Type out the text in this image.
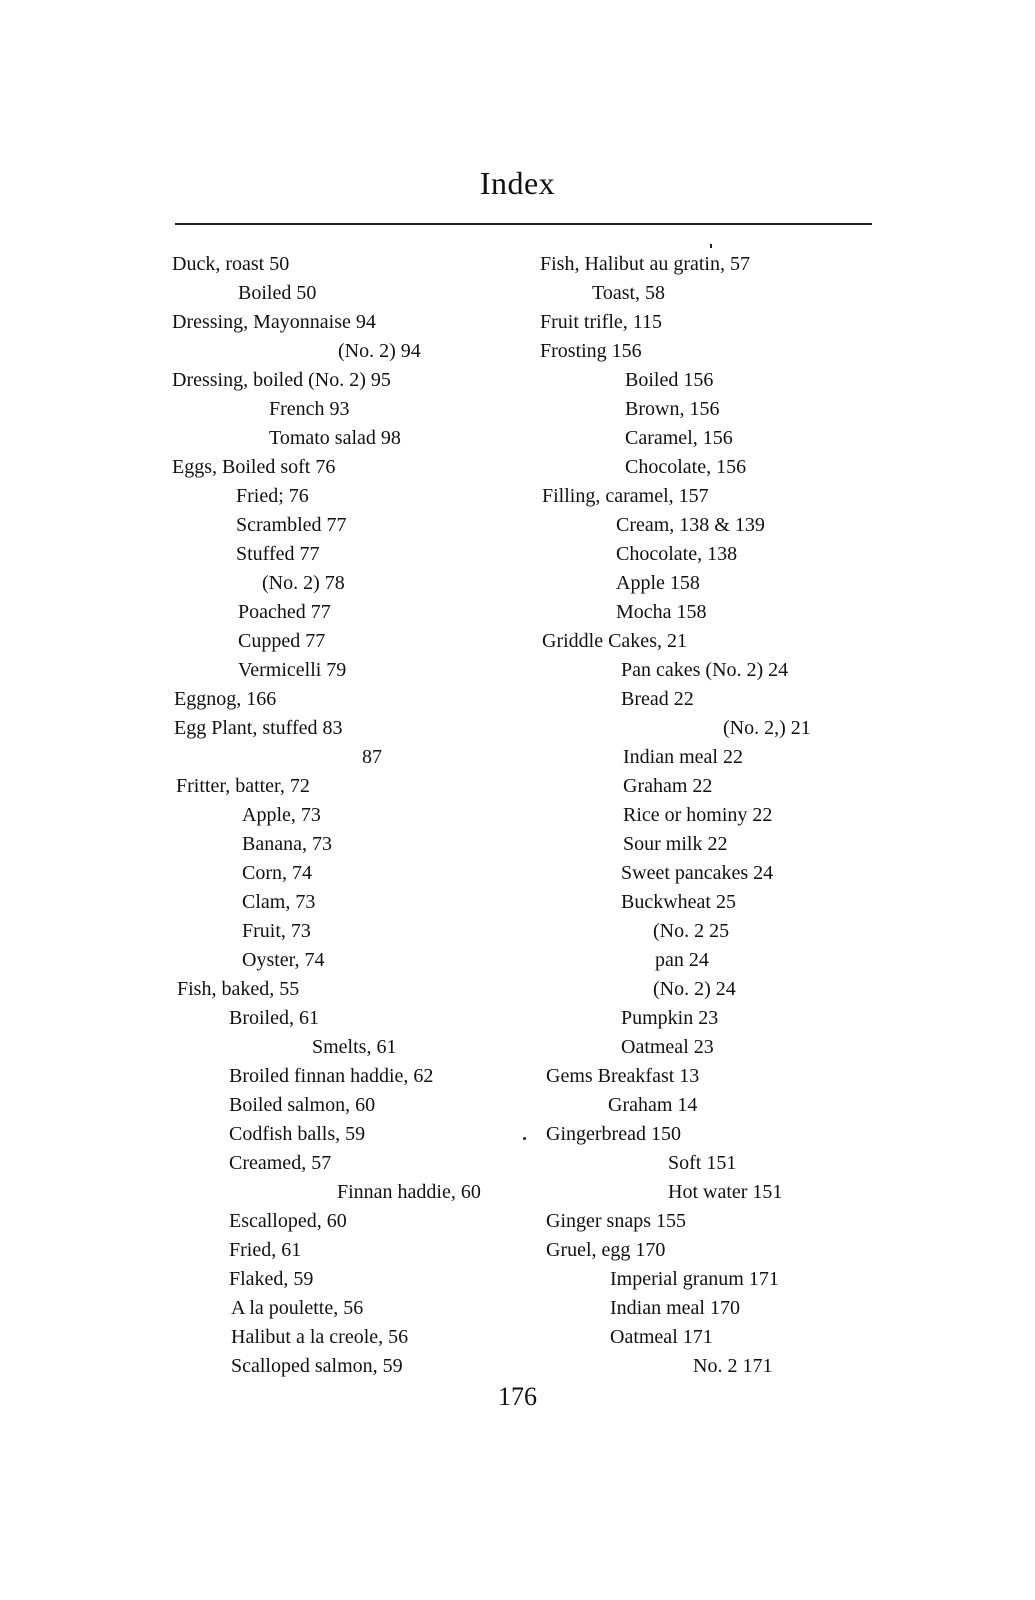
Index
Duck, roast 50
Boiled 50
Dressing, Mayonnaise 94
(No. 2) 94
Dressing, boiled (No. 2) 95
French 93
Tomato salad 98
Eggs, Boiled soft 76
Fried; 76
Scrambled 77
Stuffed 77
(No. 2) 78
Poached 77
Cupped 77
Vermicelli 79
Eggnog, 166
Egg Plant, stuffed 83
87
Fritter, batter, 72
Apple, 73
Banana, 73
Corn, 74
Clam, 73
Fruit, 73
Oyster, 74
Fish, baked, 55
Broiled, 61
Smelts, 61
Broiled finnan haddie, 62
Boiled salmon, 60
Codfish balls, 59
Creamed, 57
Finnan haddie, 60
Escalloped, 60
Fried, 61
Flaked, 59
A la poulette, 56
Halibut a la creole, 56
Scalloped salmon, 59
Fish, Halibut au gratin, 57
Toast, 58
Fruit trifle, 115
Frosting 156
Boiled 156
Brown, 156
Caramel, 156
Chocolate, 156
Filling, caramel, 157
Cream, 138 & 139
Chocolate, 138
Apple 158
Mocha 158
Griddle Cakes, 21
Pan cakes (No. 2) 24
Bread 22
(No. 2,) 21
Indian meal 22
Graham 22
Rice or hominy 22
Sour milk 22
Sweet pancakes 24
Buckwheat 25
(No. 2 25
pan 24
(No. 2) 24
Pumpkin 23
Oatmeal 23
Gems Breakfast 13
Graham 14
Gingerbread 150
Soft 151
Hot water 151
Ginger snaps 155
Gruel, egg 170
Imperial granum 171
Indian meal 170
Oatmeal 171
No. 2 171
176
